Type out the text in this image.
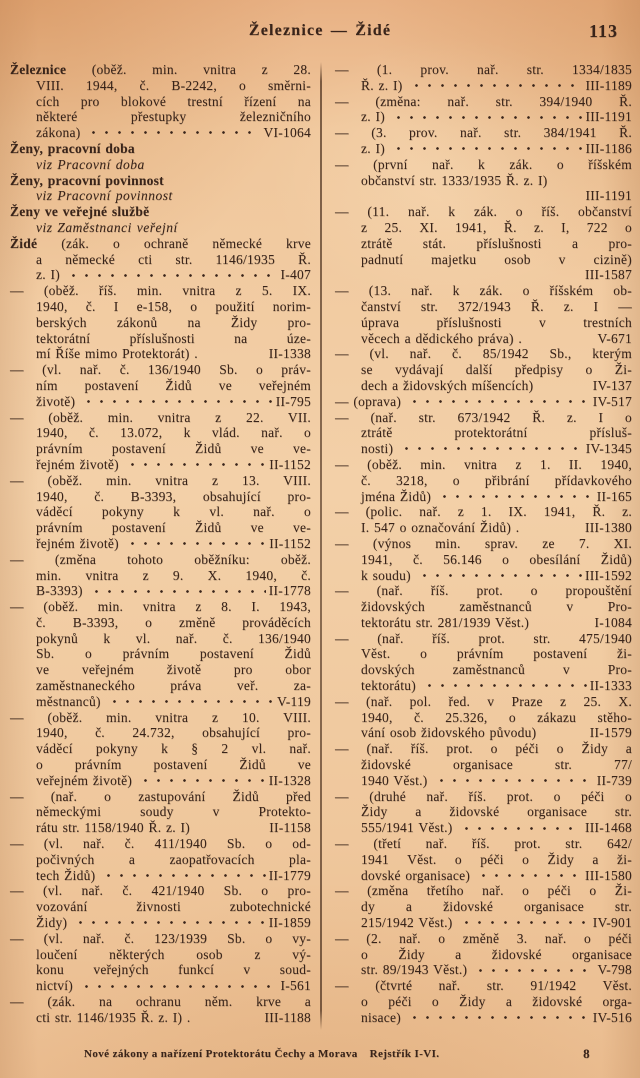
Železnice — Židé	113
Železnice (oběž. min. vnitra z 28.
VIII. 1944, č. B-2242, o směrni-
cích pro blokové trestní řízení na
některé přestupky železničního
zákona)	VI-1064
Ženy, pracovní doba
viz Pracovní doba
Ženy, pracovní povinnost
viz Pracovní povinnost
Ženy ve veřejné službě
viz Zaměstnanci veřejní
Židé (zák. o ochraně německé krve
a německé cti str. 1146/1935 Ř.
z. I)	I-407
— (oběž. říš. min. vnitra z 5. IX.
1940, č. I e-158, o použití norim-
berských zákonů na Židy pro-
tektorátní příslušnosti na úze-
mí Říše mimo Protektorát) .	II-1338
— (vl. nař. č. 136/1940 Sb. o práv-
ním postavení Židů ve veřejném
životě)	II-795
— (oběž. min. vnitra z 22. VII.
1940, č. 13.072, k vlád. nař. o
právním postavení Židů ve ve-
řejném životě)	II-1152
— (oběž. min. vnitra z 13. VIII.
1940, č. B-3393, obsahující pro-
váděcí pokyny k vl. nař. o
právním postavení Židů ve ve-
řejném životě)	II-1152
— (změna tohoto oběžníku: oběž.
min. vnitra z 9. X. 1940, č.
B-3393)	II-1778
— (oběž. min. vnitra z 8. I. 1943,
č. B-3393, o změně prováděcích
pokynů k vl. nař. č. 136/1940
Sb. o právním postavení Židů
ve veřejném životě pro obor
zaměstnaneckého práva veř. za-
městnanců)	V-119
— (oběž. min. vnitra z 10. VIII.
1940, č. 24.732, obsahující pro-
váděcí pokyny k § 2 vl. nař.
o právním postavení Židů ve
veřejném životě)	II-1328
— (nař. o zastupování Židů před
německými soudy v Protekto-
rátu str. 1158/1940 Ř. z. I)	II-1158
— (vl. nař. č. 411/1940 Sb. o od-
počivných a zaopatřovacích pla-
tech Židů)	II-1779
— (vl. nař. č. 421/1940 Sb. o pro-
vozování živnosti zubotechnické
Židy)	II-1859
— (vl. nař. č. 123/1939 Sb. o vy-
loučení některých osob z vý-
konu veřejných funkcí v soud-
nictví)	I-561
— (zák. na ochranu něm. krve a
cti str. 1146/1935 Ř. z. I) .	III-1188
— (1. prov. nař. str. 1334/1835
Ř. z. I)	III-1189
— (změna: nař. str. 394/1940 Ř.
z. I)	III-1191
— (3. prov. nař. str. 384/1941 Ř.
z. I)	III-1186
— (první nař. k zák. o říšském
občanství str. 1333/1935 Ř. z. I)
III-1191
— (11. nař. k zák. o říš. občanství
z 25. XI. 1941, Ř. z. I, 722 o
ztrátě stát. příslušnosti a pro-
padnutí majetku osob v cizině)
III-1587
— (13. nař. k zák. o říšském ob-
čanství str. 372/1943 Ř. z. I —
úprava příslušnosti v trestních
věcech a dědického práva) .	V-671
— (vl. nař. č. 85/1942 Sb., kterým
se vydávají další předpisy o Ži-
dech a židovských míšencích)	IV-137
— (oprava)	IV-517
— (nař. str. 673/1942 Ř. z. I o
ztrátě protektorátní přísluš-
nosti)	IV-1345
— (oběž. min. vnitra z 1. II. 1940,
č. 3218, o přibrání přídavkového
jména Židů)	II-165
— (polic. nař. z 1. IX. 1941, Ř. z.
I. 547 o označování Židů) .	III-1380
— (výnos min. sprav. ze 7. XI.
1941, č. 56.146 o obesílání Židů)
k soudu)	III-1592
— (nař. říš. prot. o propouštění
židovských zaměstnanců v Pro-
tektorátu str. 281/1939 Věst.)	I-1084
— (nař. říš. prot. str. 475/1940
Věst. o právním postavení ži-
dovských zaměstnanců v Pro-
tektorátu)	II-1333
— (nař. pol. řed. v Praze z 25. X.
1940, č. 25.326, o zákazu stěho-
vání osob židovského původu)	II-1579
— (nař. říš. prot. o péči o Židy a
židovské organisace str. 77/
1940 Věst.)	II-739
— (druhé nař. říš. prot. o péči o
Židy a židovské organisace str.
555/1941 Věst.)	III-1468
— (třetí nař. říš. prot. str. 642/
1941 Věst. o péči o Židy a ži-
dovské organisace)	III-1580
— (změna třetího nař. o péči o Ži-
dy a židovské organisace str.
215/1942 Věst.)	IV-901
— (2. nař. o změně 3. nař. o péči
o Židy a židovské organisace
str. 89/1943 Věst.)	V-798
— (čtvrté nař. str. 91/1942 Věst.
o péči o Židy a židovské orga-
nisace)	IV-516
Nové zákony a nařízení Protektorátu Čechy a Morava Rejstřík I-VI.	8
